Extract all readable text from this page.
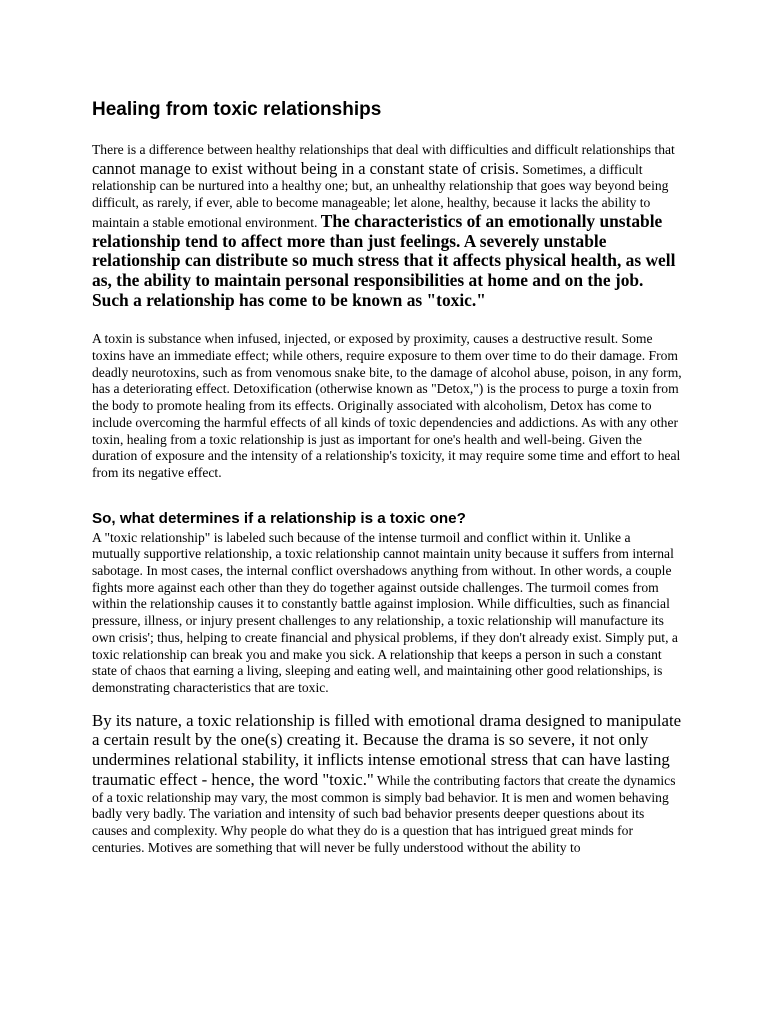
Healing from toxic relationships

There is a difference between healthy relationships that deal with difficulties and difficult relationships that cannot manage to exist without being in a constant state of crisis. Sometimes, a difficult relationship can be nurtured into a healthy one; but, an unhealthy relationship that goes way beyond being difficult, as rarely, if ever, able to become manageable; let alone, healthy, because it lacks the ability to maintain a stable emotional environment. The characteristics of an emotionally unstable relationship tend to affect more than just feelings. A severely unstable relationship can distribute so much stress that it affects physical health, as well as, the ability to maintain personal responsibilities at home and on the job. Such a relationship has come to be known as "toxic."

A toxin is substance when infused, injected, or exposed by proximity, causes a destructive result. Some toxins have an immediate effect; while others, require exposure to them over time to do their damage. From deadly neurotoxins, such as from venomous snake bite, to the damage of alcohol abuse, poison, in any form, has a deteriorating effect. Detoxification (otherwise known as "Detox,") is the process to purge a toxin from the body to promote healing from its effects. Originally associated with alcoholism, Detox has come to include overcoming the harmful effects of all kinds of toxic dependencies and addictions. As with any other toxin, healing from a toxic relationship is just as important for one's health and well-being. Given the duration of exposure and the intensity of a relationship's toxicity, it may require some time and effort to heal from its negative effect.

So, what determines if a relationship is a toxic one?

A "toxic relationship" is labeled such because of the intense turmoil and conflict within it. Unlike a mutually supportive relationship, a toxic relationship cannot maintain unity because it suffers from internal sabotage. In most cases, the internal conflict overshadows anything from without. In other words, a couple fights more against each other than they do together against outside challenges. The turmoil comes from within the relationship causes it to constantly battle against implosion. While difficulties, such as financial pressure, illness, or injury present challenges to any relationship, a toxic relationship will manufacture its own crisis'; thus, helping to create financial and physical problems, if they don't already exist. Simply put, a toxic relationship can break you and make you sick. A relationship that keeps a person in such a constant state of chaos that earning a living, sleeping and eating well, and maintaining other good relationships, is demonstrating characteristics that are toxic.

By its nature, a toxic relationship is filled with emotional drama designed to manipulate a certain result by the one(s) creating it. Because the drama is so severe, it not only undermines relational stability, it inflicts intense emotional stress that can have lasting traumatic effect - hence, the word "toxic." While the contributing factors that create the dynamics of a toxic relationship may vary, the most common is simply bad behavior. It is men and women behaving badly very badly. The variation and intensity of such bad behavior presents deeper questions about its causes and complexity. Why people do what they do is a question that has intrigued great minds for centuries. Motives are something that will never be fully understood without the ability to
